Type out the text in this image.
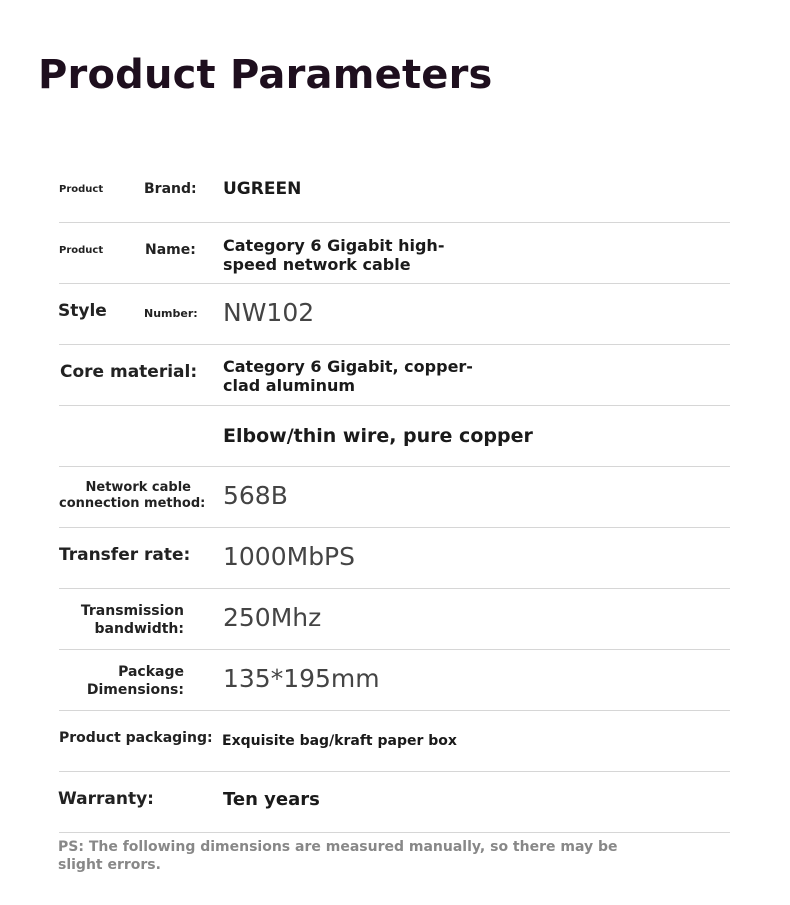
Product Parameters
Product	Brand: UGREEN
Product	Name: Category 6 Gigabit high-
speed network cable
Style	Number: NW102
Core material: Category 6 Gigabit, copper-
clad aluminum
Elbow/thin wire, pure copper
Network cable
connection method: 568B
Transfer rate: 1000MbPS
Transmission
bandwidth: 250Mhz
Package
Dimensions: 135*195mm
Product packaging: Exquisite bag/kraft paper box
Warranty:	Ten years

PS: The following dimensions are measured manually, so there may be slight errors.
